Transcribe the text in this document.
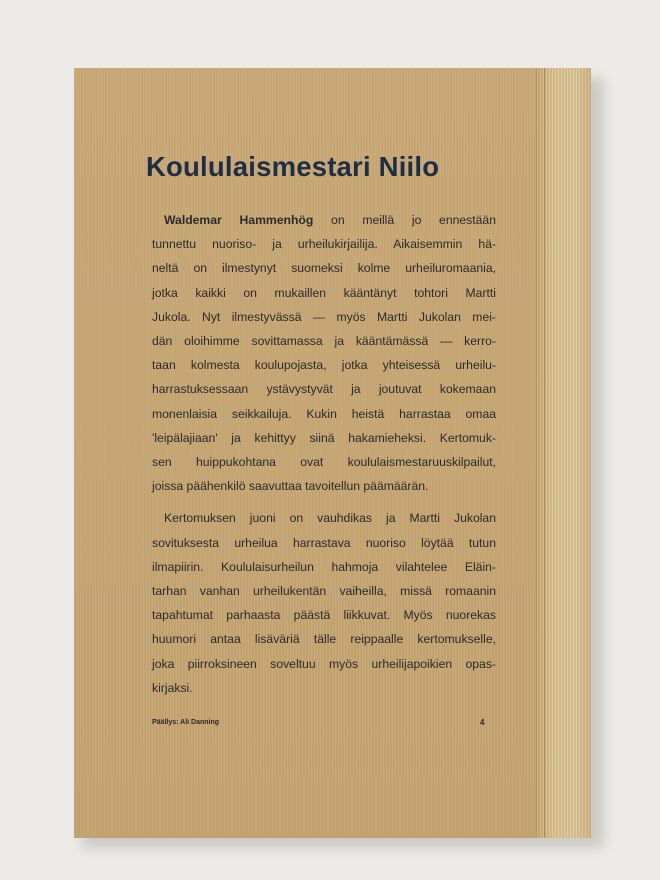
Koululaismestari Niilo
Waldemar Hammenhög on meillä jo ennestään
tunnettu nuoriso- ja urheilukirjailija. Aikaisemmin hä-
neltä on ilmestynyt suomeksi kolme urheiluromaania,
jotka kaikki on mukaillen kääntänyt tohtori Martti
Jukola. Nyt ilmestyvässä — myös Martti Jukolan mei-
dän oloihimme sovittamassa ja kääntämässä — kerro-
taan kolmesta koulupojasta, jotka yhteisessä urheilu-
harrastuksessaan ystävystyvät ja joutuvat kokemaan
monenlaisia seikkailuja. Kukin heistä harrastaa omaa
'leipälajiaan' ja kehittyy siinä hakamieheksi. Kertomuk-
sen huippukohtana ovat koululaismestaruuskilpailut,
joissa päähenkilö saavuttaa tavoitellun päämäärän.
Kertomuksen juoni on vauhdikas ja Martti Jukolan
sovituksesta urheilua harrastava nuoriso löytää tutun
ilmapiirin. Koululaisurheilun hahmoja vilahtelee Eläin-
tarhan vanhan urheilukentän vaiheilla, missä romaanin
tapahtumat parhaasta päästä liikkuvat. Myös nuorekas
huumori antaa lisäväriä tälle reippaalle kertomukselle,
joka piirroksineen soveltuu myös urheilijapoikien opas-
kirjaksi.
Päällys: Ali Danning	4
